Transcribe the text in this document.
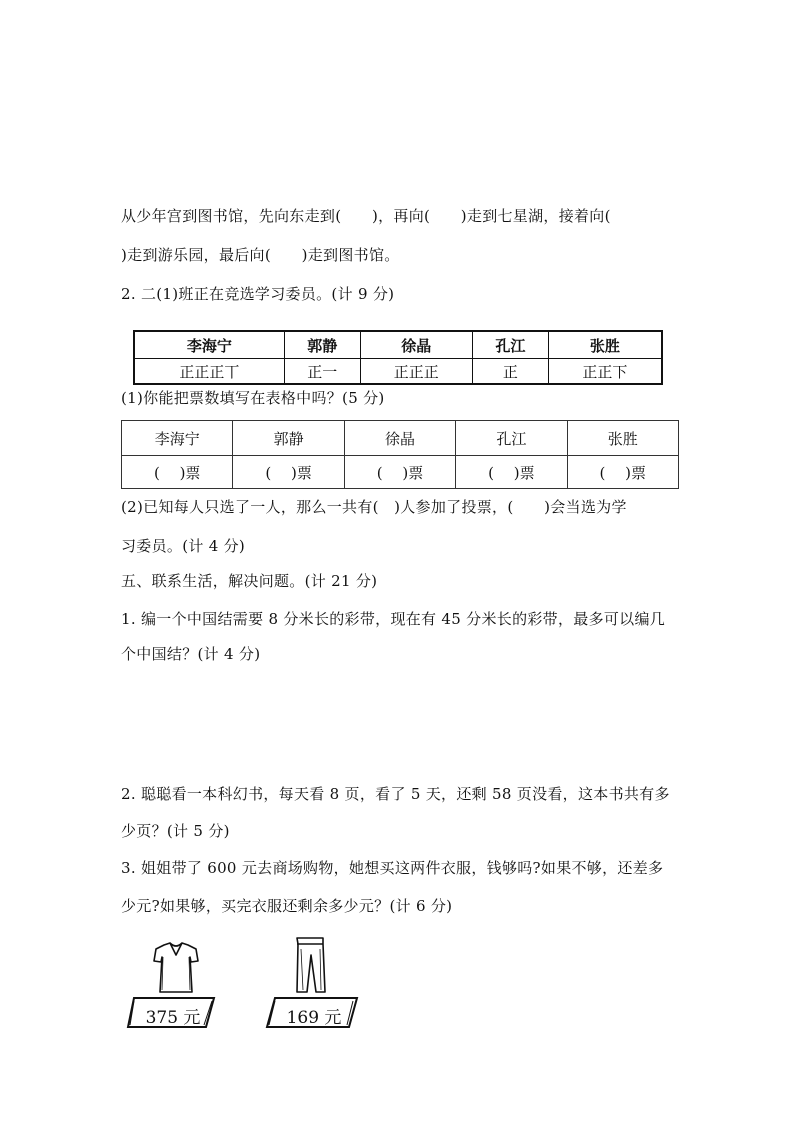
从少年宫到图书馆，先向东走到(　　)，再向(　　)走到七星湖，接着向(
)走到游乐园，最后向(　　)走到图书馆。
2. 二(1)班正在竞选学习委员。(计 9 分)
李海宁	郭静	徐晶	孔江	张胜
正正正丅	正一	正正正	正	正正下
(1)你能把票数填写在表格中吗？(5 分)
李海宁	郭静	徐晶	孔江	张胜
(　 )票	(　 )票	(　 )票	(　 )票	(　 )票
(2)已知每人只选了一人，那么一共有(　)人参加了投票，(　　)会当选为学
习委员。(计 4 分)
五、联系生活，解决问题。(计 21 分)
1. 编一个中国结需要 8 分米长的彩带，现在有 45 分米长的彩带，最多可以编几
个中国结？(计 4 分)
2. 聪聪看一本科幻书，每天看 8 页，看了 5 天，还剩 58 页没看，这本书共有多
少页？(计 5 分)
3. 姐姐带了 600 元去商场购物，她想买这两件衣服，钱够吗?如果不够，还差多
少元?如果够，买完衣服还剩余多少元？(计 6 分)
375 元	169 元
